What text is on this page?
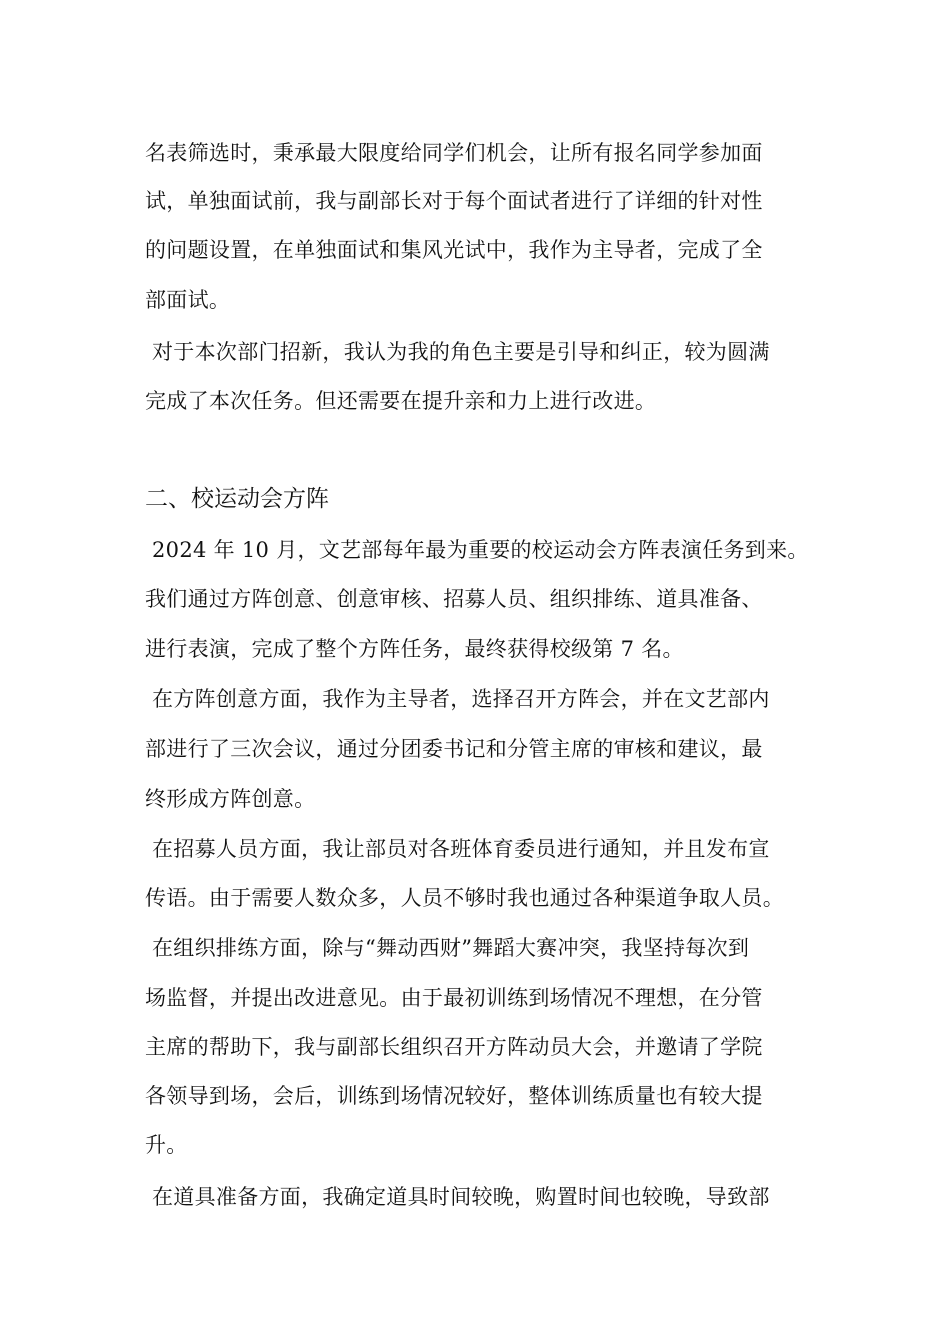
名表筛选时，秉承最大限度给同学们机会，让所有报名同学参加面
试，单独面试前，我与副部长对于每个面试者进行了详细的针对性
的问题设置，在单独面试和集风光试中，我作为主导者，完成了全
部面试。
对于本次部门招新，我认为我的角色主要是引导和纠正，较为圆满
完成了本次任务。但还需要在提升亲和力上进行改进。
二、校运动会方阵
2024 年 10 月，文艺部每年最为重要的校运动会方阵表演任务到来。
我们通过方阵创意、创意审核、招募人员、组织排练、道具准备、
进行表演，完成了整个方阵任务，最终获得校级第 7 名。
在方阵创意方面，我作为主导者，选择召开方阵会，并在文艺部内
部进行了三次会议，通过分团委书记和分管主席的审核和建议，最
终形成方阵创意。
在招募人员方面，我让部员对各班体育委员进行通知，并且发布宣
传语。由于需要人数众多，人员不够时我也通过各种渠道争取人员。
在组织排练方面，除与“舞动西财”舞蹈大赛冲突，我坚持每次到
场监督，并提出改进意见。由于最初训练到场情况不理想，在分管
主席的帮助下，我与副部长组织召开方阵动员大会，并邀请了学院
各领导到场，会后，训练到场情况较好，整体训练质量也有较大提
升。
在道具准备方面，我确定道具时间较晚，购置时间也较晚，导致部
